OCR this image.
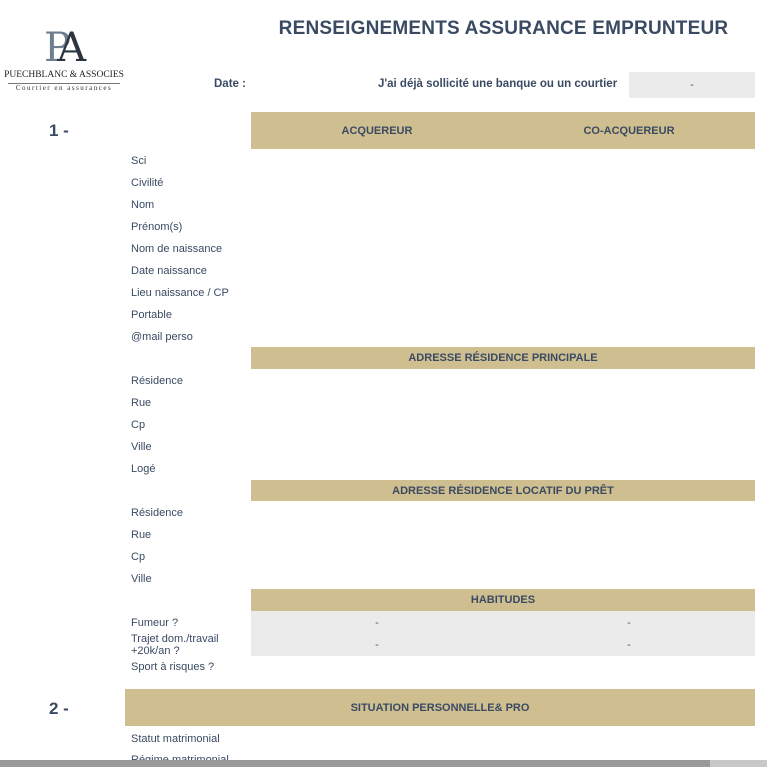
RENSEIGNEMENTS ASSURANCE EMPRUNTEUR
PA
PUECHBLANC & ASSOCIES
Courtier en assurances	Date :	J'ai déjà sollicité une banque ou un courtier	-
1 -	ACQUEREUR	CO-ACQUEREUR
Sci
Civilité
Nom
Prénom(s)
Nom de naissance
Date naissance
Lieu naissance / CP
Portable
@mail perso
ADRESSE RÉSIDENCE PRINCIPALE
Résidence
Rue
Cp
Ville
Logé
ADRESSE RÉSIDENCE LOCATIF DU PRÊT
Résidence
Rue
Cp
Ville
HABITUDES
Fumeur ?	-	-
Trajet dom./travail +20k/an ?	-	-
Sport à risques ?
2 -	SITUATION PERSONNELLE& PRO
Statut matrimonial
